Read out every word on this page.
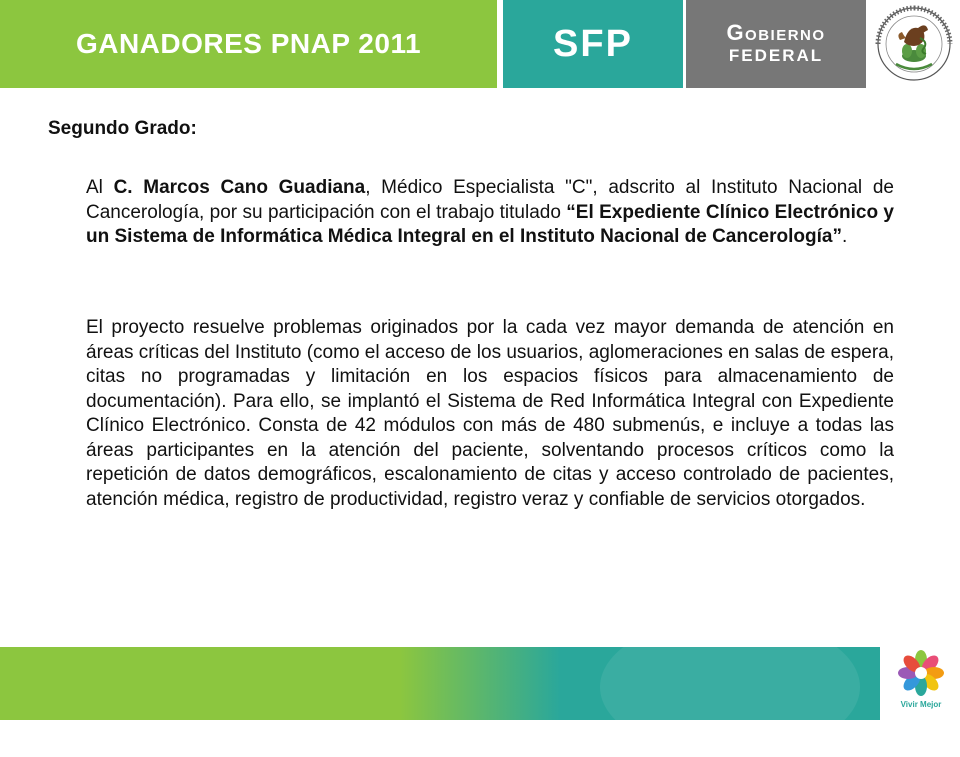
GANADORES PNAP 2011	SFP	Gobierno
FEDERAL

Segundo Grado:

Al C. Marcos Cano Guadiana, Médico Especialista "C", adscrito al Instituto Nacional de Cancerología, por su participación con el trabajo titulado “El Expediente Clínico Electrónico y un Sistema de Informática Médica Integral en el Instituto Nacional de Cancerología”.

El proyecto resuelve problemas originados por la cada vez mayor demanda de atención en áreas críticas del Instituto (como el acceso de los usuarios, aglomeraciones en salas de espera, citas no programadas y limitación en los espacios físicos para almacenamiento de documentación). Para ello, se implantó el Sistema de Red Informática Integral con Expediente Clínico Electrónico. Consta de 42 módulos con más de 480 submenús, e incluye a todas las áreas participantes en la atención del paciente, solventando procesos críticos como la repetición de datos demográficos, escalonamiento de citas y acceso controlado de pacientes, atención médica, registro de productividad, registro veraz y confiable de servicios otorgados.

Vivir Mejor
